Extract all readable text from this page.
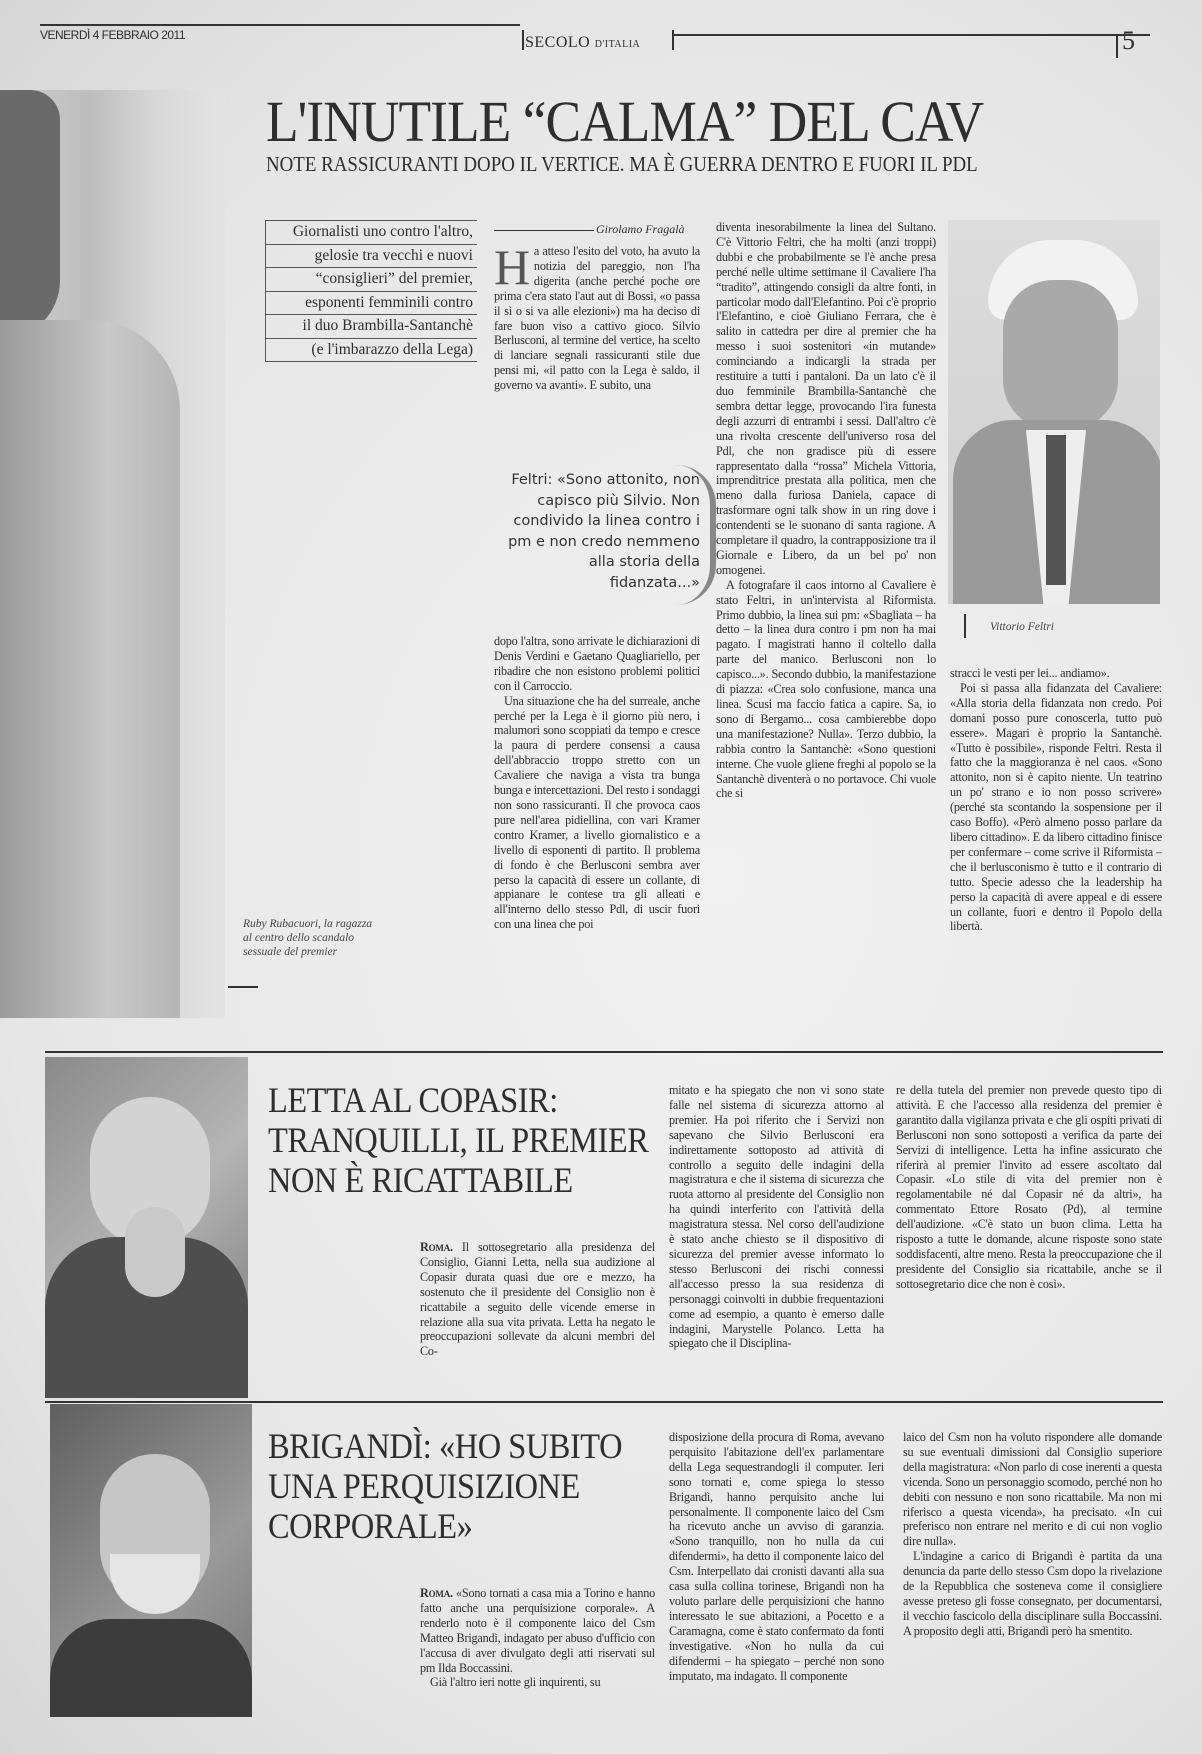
VENERDÌ 4 FEBBRAIO 2011	SECOLO D'ITALIA	5
Ruby Rubacuori, la ragazza al centro dello scandalo sessuale del premier
L'INUTILE “CALMA” DEL CAV
NOTE RASSICURANTI DOPO IL VERTICE. MA È GUERRA DENTRO E FUORI IL PDL
Giornalisti uno contro l'altro,
gelosie tra vecchi e nuovi
“consiglieri” del premier,
esponenti femminili contro
il duo Brambilla-Santanchè
(e l'imbarazzo della Lega)
Girolamo Fragalà
Ha atteso l'esito del voto, ha avuto la notizia del pareggio, non l'ha digerita (anche perché poche ore prima c'era stato l'aut aut di Bossi, «o passa il sì o si va alle elezioni») ma ha deciso di fare buon viso a cattivo gioco. Silvio Berlusconi, al termine del vertice, ha scelto di lanciare segnali rassicuranti stile due pensi mi, «il patto con la Lega è saldo, il governo va avanti». E subito, una
Feltri: «Sono attonito, non capisco più Silvio. Non condivido la linea contro i pm e non credo nemmeno alla storia della fidanzata...»

dopo l'altra, sono arrivate le dichiarazioni di Denis Verdini e Gaetano Quagliariello, per ribadire che non esistono problemi politici con il Carroccio.

Una situazione che ha del surreale, anche perché per la Lega è il giorno più nero, i malumori sono scoppiati da tempo e cresce la paura di perdere consensi a causa dell'abbraccio troppo stretto con un Cavaliere che naviga a vista tra bunga bunga e intercettazioni. Del resto i sondaggi non sono rassicuranti. Il che provoca caos pure nell'area pidiellina, con vari Kramer contro Kramer, a livello giornalistico e a livello di esponenti di partito. Il problema di fondo è che Berlusconi sembra aver perso la capacità di essere un collante, di appianare le contese tra gli alleati e all'interno dello stesso Pdl, di uscir fuori con una linea che poi

diventa inesorabilmente la linea del Sultano. C'è Vittorio Feltri, che ha molti (anzi troppi) dubbi e che probabilmente se l'è anche presa perché nelle ultime settimane il Cavaliere l'ha “tradito”, attingendo consigli da altre fonti, in particolar modo dall'Elefantino. Poi c'è proprio l'Elefantino, e cioè Giuliano Ferrara, che è salito in cattedra per dire al premier che ha messo i suoi sostenitori «in mutande» cominciando a indicargli la strada per restituire a tutti i pantaloni. Da un lato c'è il duo femminile Brambilla-Santanchè che sembra dettar legge, provocando l'ira funesta degli azzurri di entrambi i sessi. Dall'altro c'è una rivolta crescente dell'universo rosa del Pdl, che non gradisce più di essere rappresentato dalla “rossa” Michela Vittoria, imprenditrice prestata alla politica, men che meno dalla furiosa Daniela, capace di trasformare ogni talk show in un ring dove i contendenti se le suonano di santa ragione. A completare il quadro, la contrapposizione tra il Giornale e Libero, da un bel po' non omogenei.

A fotografare il caos intorno al Cavaliere è stato Feltri, in un'intervista al Riformista. Primo dubbio, la linea sui pm: «Sbagliata – ha detto – la linea dura contro i pm non ha mai pagato. I magistrati hanno il coltello dalla parte del manico. Berlusconi non lo capisco...». Secondo dubbio, la manifestazione di piazza: «Crea solo confusione, manca una linea. Scusi ma faccio fatica a capire. Sa, io sono di Bergamo... cosa cambierebbe dopo una manifestazione? Nulla». Terzo dubbio, la rabbia contro la Santanchè: «Sono questioni interne. Che vuole gliene freghi al popolo se la Santanchè diventerà o no portavoce. Chi vuole che si

Vittorio Feltri

stracci le vesti per lei... andiamo».

Poi si passa alla fidanzata del Cavaliere: «Alla storia della fidanzata non credo. Poi domani posso pure conoscerla, tutto può essere». Magari è proprio la Santanchè. «Tutto è possibile», risponde Feltri. Resta il fatto che la maggioranza è nel caos. «Sono attonito, non si è capito niente. Un teatrino un po' strano e io non posso scrivere» (perché sta scontando la sospensione per il caso Boffo). «Però almeno posso parlare da libero cittadino». E da libero cittadino finisce per confermare – come scrive il Riformista – che il berlusconismo è tutto e il contrario di tutto. Specie adesso che la leadership ha perso la capacità di avere appeal e di essere un collante, fuori e dentro il Popolo della libertà.

LETTA AL COPASIR:
TRANQUILLI, IL PREMIER
NON È RICATTABILE
Roma. Il sottosegretario alla presidenza del Consiglio, Gianni Letta, nella sua audizione al Copasir durata quasi due ore e mezzo, ha sostenuto che il presidente del Consiglio non è ricattabile a seguito delle vicende emerse in relazione alla sua vita privata. Letta ha negato le preoccupazioni sollevate da alcuni membri del Co-
mitato e ha spiegato che non vi sono state falle nel sistema di sicurezza attorno al premier. Ha poi riferito che i Servizi non sapevano che Silvio Berlusconi era indirettamente sottoposto ad attività di controllo a seguito delle indagini della magistratura e che il sistema di sicurezza che ruota attorno al presidente del Consiglio non ha quindi interferito con l'attività della magistratura stessa. Nel corso dell'audizione è stato anche chiesto se il dispositivo di sicurezza del premier avesse informato lo stesso Berlusconi dei rischi connessi all'accesso presso la sua residenza di personaggi coinvolti in dubbie frequentazioni come ad esempio, a quanto è emerso dalle indagini, Marystelle Polanco. Letta ha spiegato che il Disciplina-
re della tutela del premier non prevede questo tipo di attività. E che l'accesso alla residenza del premier è garantito dalla vigilanza privata e che gli ospiti privati di Berlusconi non sono sottoposti a verifica da parte dei Servizi di intelligence. Letta ha infine assicurato che riferirà al premier l'invito ad essere ascoltato dal Copasir. «Lo stile di vita del premier non è regolamentabile né dal Copasir né da altri», ha commentato Ettore Rosato (Pd), al termine dell'audizione. «C'è stato un buon clima. Letta ha risposto a tutte le domande, alcune risposte sono state soddisfacenti, altre meno. Resta la preoccupazione che il presidente del Consiglio sia ricattabile, anche se il sottosegretario dice che non è così».
BRIGANDÌ: «HO SUBITO
UNA PERQUISIZIONE
CORPORALE»

Roma. «Sono tornati a casa mia a Torino e hanno fatto anche una perquisizione corporale». A renderlo noto è il componente laico del Csm Matteo Brigandì, indagato per abuso d'ufficio con l'accusa di aver divulgato degli atti riservati sul pm Ilda Boccassini.

Già l'altro ieri notte gli inquirenti, su

disposizione della procura di Roma, avevano perquisito l'abitazione dell'ex parlamentare della Lega sequestrandogli il computer. Ieri sono tornati e, come spiega lo stesso Brigandì, hanno perquisito anche lui personalmente. Il componente laico del Csm ha ricevuto anche un avviso di garanzia. «Sono tranquillo, non ho nulla da cui difendermi», ha detto il componente laico del Csm. Interpellato dai cronisti davanti alla sua casa sulla collina torinese, Brigandì non ha voluto parlare delle perquisizioni che hanno interessato le sue abitazioni, a Pocetto e a Caramagna, come è stato confermato da fonti investigative. «Non ho nulla da cui difendermi – ha spiegato – perché non sono imputato, ma indagato. Il componente

laico del Csm non ha voluto rispondere alle domande su sue eventuali dimissioni dal Consiglio superiore della magistratura: «Non parlo di cose inerenti a questa vicenda. Sono un personaggio scomodo, perché non ho debiti con nessuno e non sono ricattabile. Ma non mi riferisco a questa vicenda», ha precisato. «In cui preferisco non entrare nel merito e di cui non voglio dire nulla».

L'indagine a carico di Brigandì è partita da una denuncia da parte dello stesso Csm dopo la rivelazione de la Repubblica che sosteneva come il consigliere avesse preteso gli fosse consegnato, per documentarsi, il vecchio fascicolo della disciplinare sulla Boccassini. A proposito degli atti, Brigandì però ha smentito.
